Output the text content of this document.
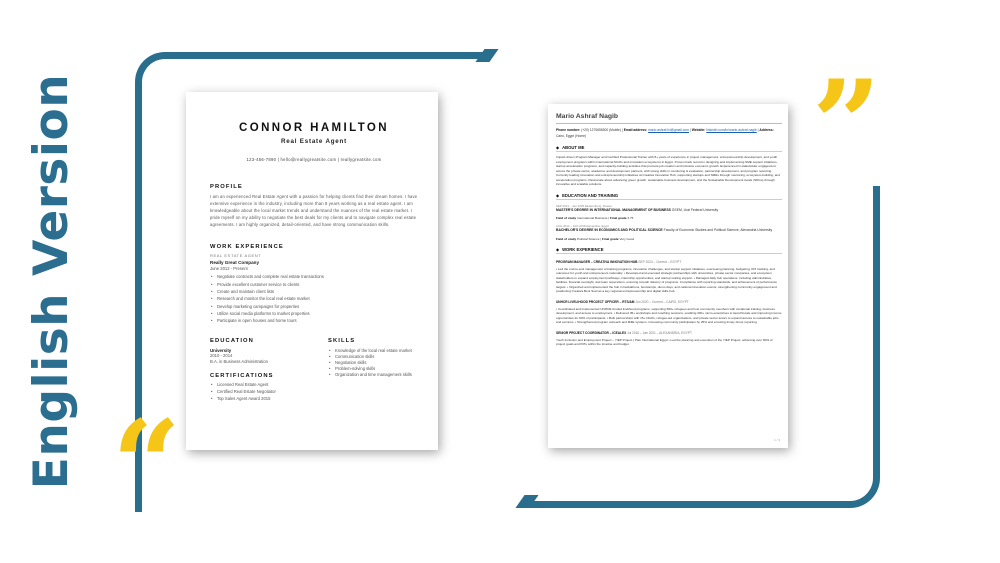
English Version “
”
CONNOR HAMILTON
Real Estate Agent
123-456-7890 | hello@reallygreatsite.com | reallygreatsite.com
PROFILE
I am an experienced Real Estate Agent with a passion for helping clients find their dream homes. I have extensive experience in the industry, including more than 8 years working as a real estate agent. I am knowledgeable about the local market trends and understand the nuances of the real estate market. I pride myself on my ability to negotiate the best deals for my clients and to navigate complex real estate agreements. I am highly organized, detail-oriented, and have strong communication skills.
WORK EXPERIENCE
REAL ESTATE AGENT
Really Great Company
June 2012 - Present
• Negotiate contracts and complete real estate transactions
• Provide excellent customer service to clients
• Create and maintain client lists
• Research and monitor the local real estate market
• Develop marketing campaigns for properties
• Utilize social media platforms to market properties
• Participate in open houses and home tours
EDUCATION
University
2010 - 2014
B.A. in Business Administration
CERTIFICATIONS
• Licensed Real Estate Agent
• Certified Real Estate Negotiator
• Top Sales Agent Award 2015
SKILLS
• Knowledge of the local real estate market
• Communication skills
• Negotiation skills
• Problem-solving skills
• Organization and time management skills
Mario Ashraf Nagib
Phone number: (+20) 1270656300 (Mobile) | Email address: mario.ashraf.fci@gmail.com | Website: linkedin.com/in/mario-ashraf-nagib | Address: Cairo, Egypt (Home)
◆ ABOUT ME
Impact-driven Program Manager and Certified Professional Trainer with 8+ years of experience in project management, entrepreneurship development, and youth employment programs within international NGOs and innovation ecosystems in Egypt. Proven track record in designing and implementing SME support initiatives, startup acceleration programs, and capacity-building activities that promote job creation and inclusive economic growth. Experienced in stakeholder engagement across the private sector, academia, and development partners, with strong skills in monitoring & evaluation, partnership development, and program reporting. Currently leading innovation and entrepreneurship initiatives at Creativa Innovation Hub, supporting startups and SMEs through mentoring, ecosystem-building, and acceleration programs. Passionate about advancing green growth, sustainable business development, and the Sustainable Development Goals (SDGs) through innovative and scalable solutions.
◆ EDUCATION AND TRAINING
SEP 2021 – Jan 2025 Ekaterinburg, Russia
MASTER'S DEGREE IN INTERNATIONAL MANAGEMENT OF BUSINESS GSEM, Ural Federal University
Field of study International Business | Final grade 3.75
AUG 2014 – JUN 2018 Alexandria, Egypt
BACHELOR'S DEGREE IN ECONOMICS AND POLITICAL SCIENCE Faculty of Economic Studies and Political Science, Alexandria University
Field of study Political Science | Final grade Very Good
◆ WORK EXPERIENCE
PROGRAM MANAGER – CREATIVA INNOVATION HUB SEP 2024 – Current – EGYPT
• Led the end-to-end management of training programs, innovation challenges, and startup support initiatives, overseeing planning, budgeting, KPI tracking, and outcomes for youth and entrepreneurs nationally. • Developed and executed strategic partnerships with universities, private sector companies, and ecosystem stakeholders to expand employment pathways, internship opportunities, and startup scaling support. • Managed daily hub operations, including administrative, facilities, financial oversight, and team supervision, ensuring smooth delivery of programs. Compliance with reporting standards, and achievement of performance targets. • Organized and implemented the hub in hackathons, bootcamps, demo days, and national innovation events, strengthening community engagement and positioning Creativa Beni Suef as a key regional entrepreneurship and digital skills hub.
UNHCR LIVELIHOOD PROJECT OFFICER – RTS/AM Jun 2020 – Current – CAIRO, EGYPT
• Coordinated and implemented UNHCR-funded livelihood programs, supporting 500+ refugees and host community members with vocational training, business development, and access to employment. • Delivered 35+ workshops and coaching sessions, enabling 300+ micro-enterprises to launch/scale and improving income opportunities for 60% of participants. • Built partnerships with 15+ NGOs, refugee-led organizations, and private sector actors to expand access to sustainable jobs and services. • Strengthened program outreach and M&E systems, increasing community participation by 25% and ensuring timely donor reporting.
SENIOR PROJECT COORDINATOR – ICEALEX Jul 2016 – Jan 2021 – ALEXANDRIA, EGYPT
Youth Inclusion and Employment Project – YIEP Project | Plan International Egypt • Led the planning and execution of the YIEP Project, achieving over 90% of project goals and KPIs within the timeline and budget.
1 / 3
